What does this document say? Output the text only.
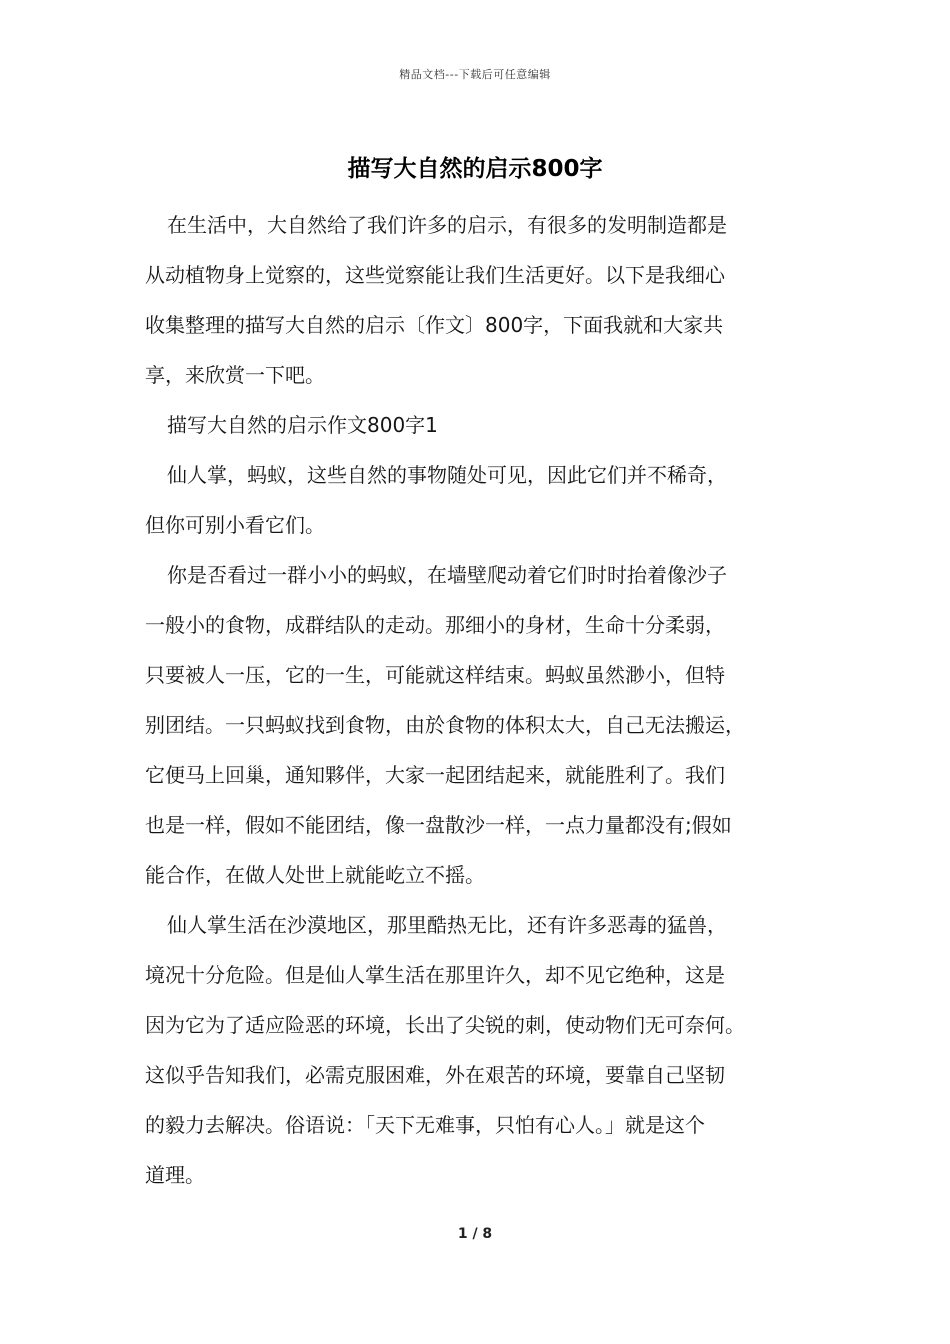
精品文档---下载后可任意编辑
描写大自然的启示800字
在生活中，大自然给了我们许多的启示，有很多的发明制造都是
从动植物身上觉察的，这些觉察能让我们生活更好。以下是我细心
收集整理的描写大自然的启示〔作文〕800字，下面我就和大家共
享，来欣赏一下吧。
描写大自然的启示作文800字1
仙人掌，蚂蚁，这些自然的事物随处可见，因此它们并不稀奇，
但你可别小看它们。
你是否看过一群小小的蚂蚁，在墙壁爬动着它们时时抬着像沙子
一般小的食物，成群结队的走动。那细小的身材，生命十分柔弱，
只要被人一压，它的一生，可能就这样结束。蚂蚁虽然渺小，但特
别团结。一只蚂蚁找到食物，由於食物的体积太大，自己无法搬运，
它便马上回巢，通知夥伴，大家一起团结起来，就能胜利了。我们
也是一样，假如不能团结，像一盘散沙一样，一点力量都没有;假如
能合作，在做人处世上就能屹立不摇。
仙人掌生活在沙漠地区，那里酷热无比，还有许多恶毒的猛兽，
境况十分危险。但是仙人掌生活在那里许久，却不见它绝种，这是
因为它为了适应险恶的环境，长出了尖锐的刺，使动物们无可奈何。
这似乎告知我们，必需克服困难，外在艰苦的环境，要靠自己坚韧
的毅力去解决。俗语说：「天下无难事，只怕有心人。」就是这个
道理。
1 / 8
